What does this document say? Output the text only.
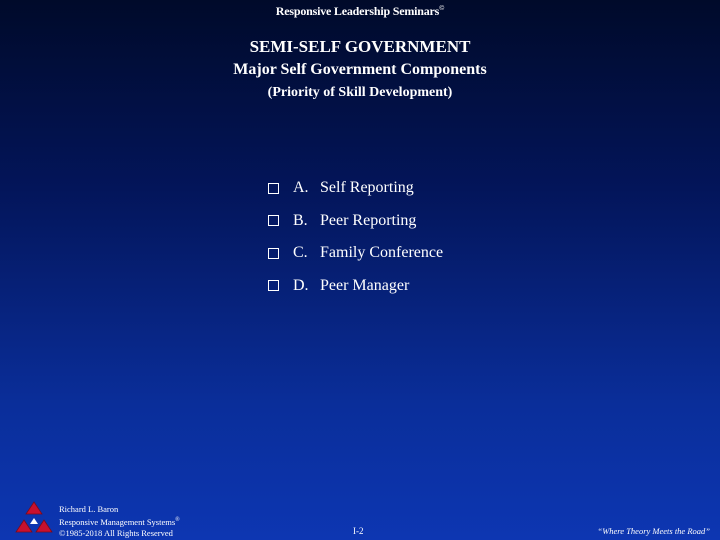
Responsive Leadership Seminars©
SEMI-SELF GOVERNMENT
Major Self Government Components
(Priority of Skill Development)
A. Self Reporting
B. Peer Reporting
C. Family Conference
D. Peer Manager
Richard L. Baron
Responsive Management Systems®
©1985-2018 All Rights Reserved	I-2	“Where Theory Meets the Road”
